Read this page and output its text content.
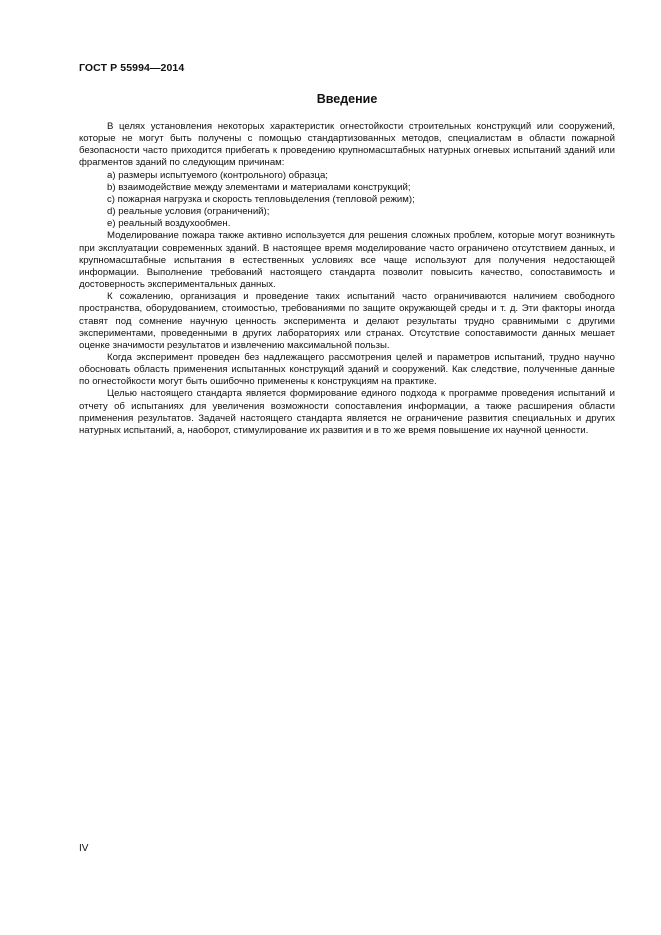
ГОСТ Р 55994—2014
Введение

В целях установления некоторых характеристик огнестойкости строительных конструкций или сооружений, которые не могут быть получены с помощью стандартизованных методов, специалистам в области пожарной безопасности часто приходится прибегать к проведению крупномасштабных натурных огневых испытаний зданий или фрагментов зданий по следующим причинам:

a) размеры испытуемого (контрольного) образца;

b) взаимодействие между элементами и материалами конструкций;

c) пожарная нагрузка и скорость тепловыделения (тепловой режим);

d) реальные условия (ограничений);

e) реальный воздухообмен.

Моделирование пожара также активно используется для решения сложных проблем, которые могут возникнуть при эксплуатации современных зданий. В настоящее время моделирование часто ограничено отсутствием данных, и крупномасштабные испытания в естественных условиях все чаще используют для получения недостающей информации. Выполнение требований настоящего стандарта позволит повысить качество, сопоставимость и достоверность экспериментальных данных.

К сожалению, организация и проведение таких испытаний часто ограничиваются наличием свободного пространства, оборудованием, стоимостью, требованиями по защите окружающей среды и т. д. Эти факторы иногда ставят под сомнение научную ценность эксперимента и делают результаты трудно сравнимыми с другими экспериментами, проведенными в других лабораториях или странах. Отсутствие сопоставимости данных мешает оценке значимости результатов и извлечению максимальной пользы.

Когда эксперимент проведен без надлежащего рассмотрения целей и параметров испытаний, трудно научно обосновать область применения испытанных конструкций зданий и сооружений. Как следствие, полученные данные по огнестойкости могут быть ошибочно применены к конструкциям на практике.

Целью настоящего стандарта является формирование единого подхода к программе проведения испытаний и отчету об испытаниях для увеличения возможности сопоставления информации, а также расширения области применения результатов. Задачей настоящего стандарта является не ограничение развития специальных и других натурных испытаний, а, наоборот, стимулирование их развития и в то же время повышение их научной ценности.

IV
